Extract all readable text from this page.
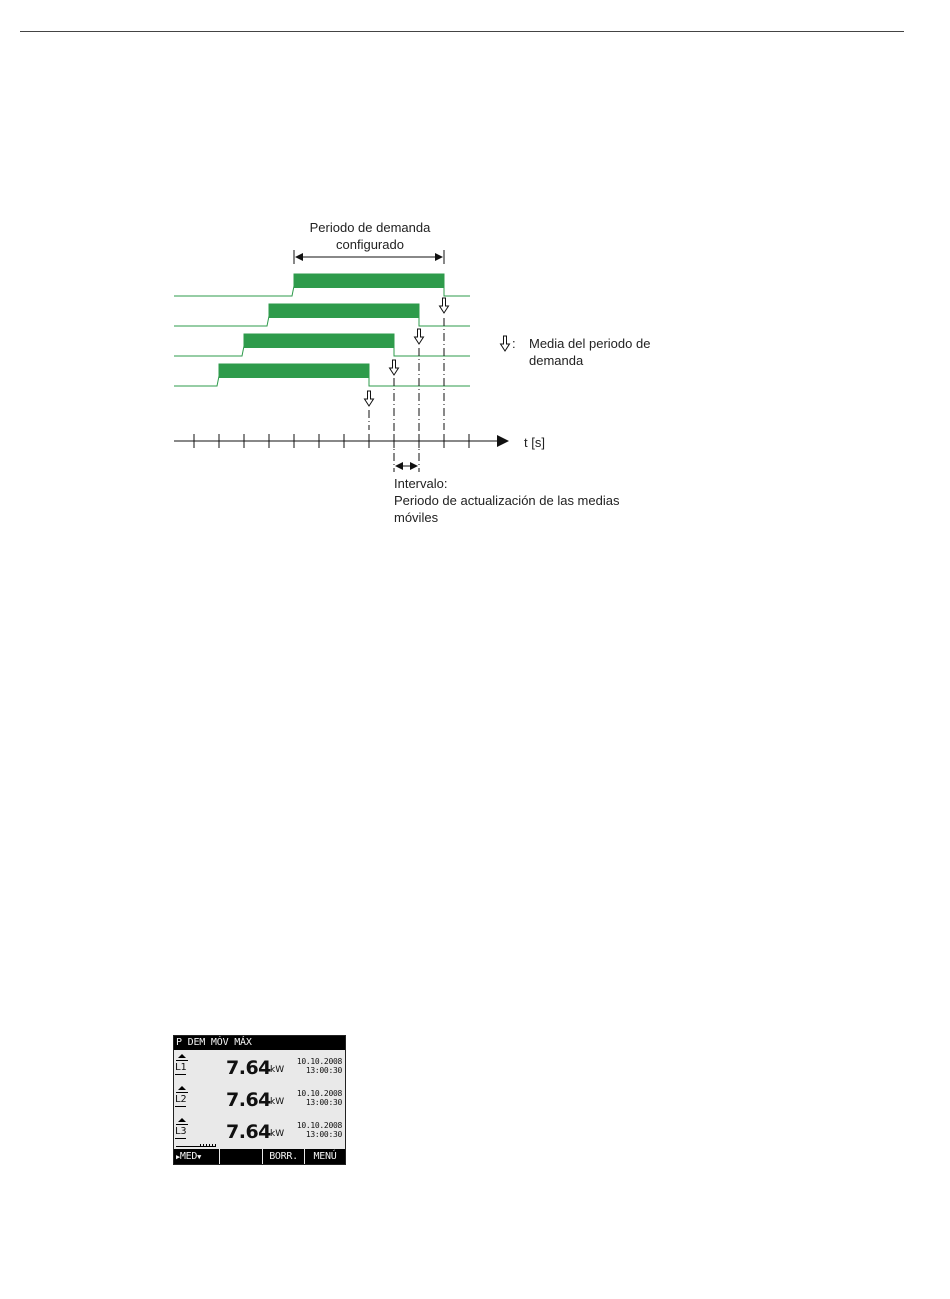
Periodo de demanda
configurado
: Media del periodo de
demanda
t [s]
Intervalo:
Periodo de actualización de las medias
móviles
P DEM MÓV MÁX
L1 7.64 kW
10.10.2008
13:00:30
L2 7.64 kW
10.10.2008
13:00:30
L3 7.64 kW
10.10.2008
13:00:30
▶MED▼	BORR.	MENÚ
